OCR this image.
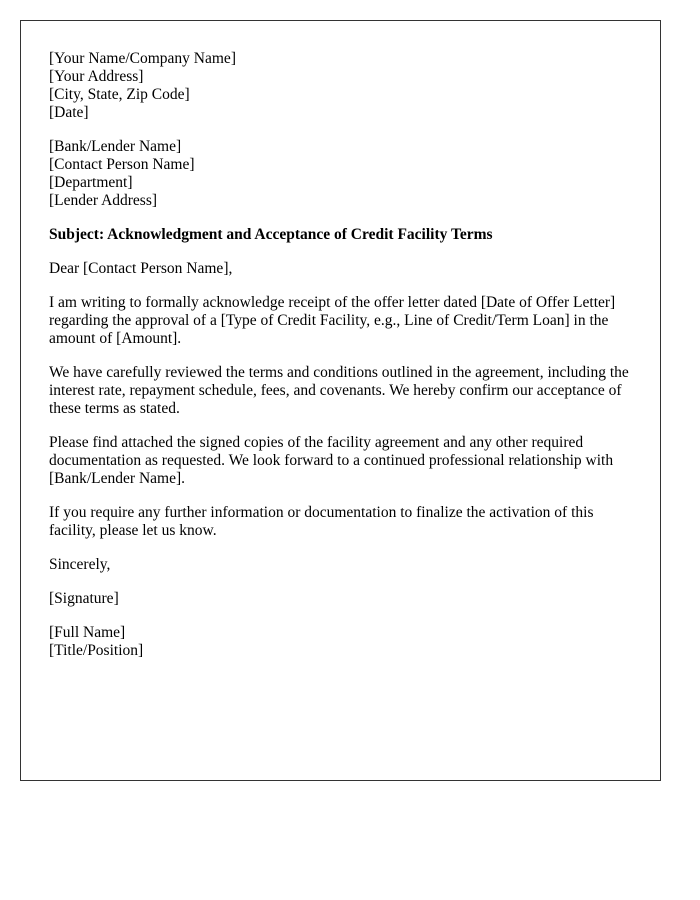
[Your Name/Company Name]
[Your Address]
[City, State, Zip Code]
[Date]
[Bank/Lender Name]
[Contact Person Name]
[Department]
[Lender Address]
Subject: Acknowledgment and Acceptance of Credit Facility Terms

Dear [Contact Person Name],

I am writing to formally acknowledge receipt of the offer letter dated [Date of Offer Letter] regarding the approval of a [Type of Credit Facility, e.g., Line of Credit/Term Loan] in the amount of [Amount].

We have carefully reviewed the terms and conditions outlined in the agreement, including the interest rate, repayment schedule, fees, and covenants. We hereby confirm our acceptance of these terms as stated.

Please find attached the signed copies of the facility agreement and any other required documentation as requested. We look forward to a continued professional relationship with [Bank/Lender Name].

If you require any further information or documentation to finalize the activation of this facility, please let us know.

Sincerely,

[Signature]

[Full Name]
[Title/Position]
